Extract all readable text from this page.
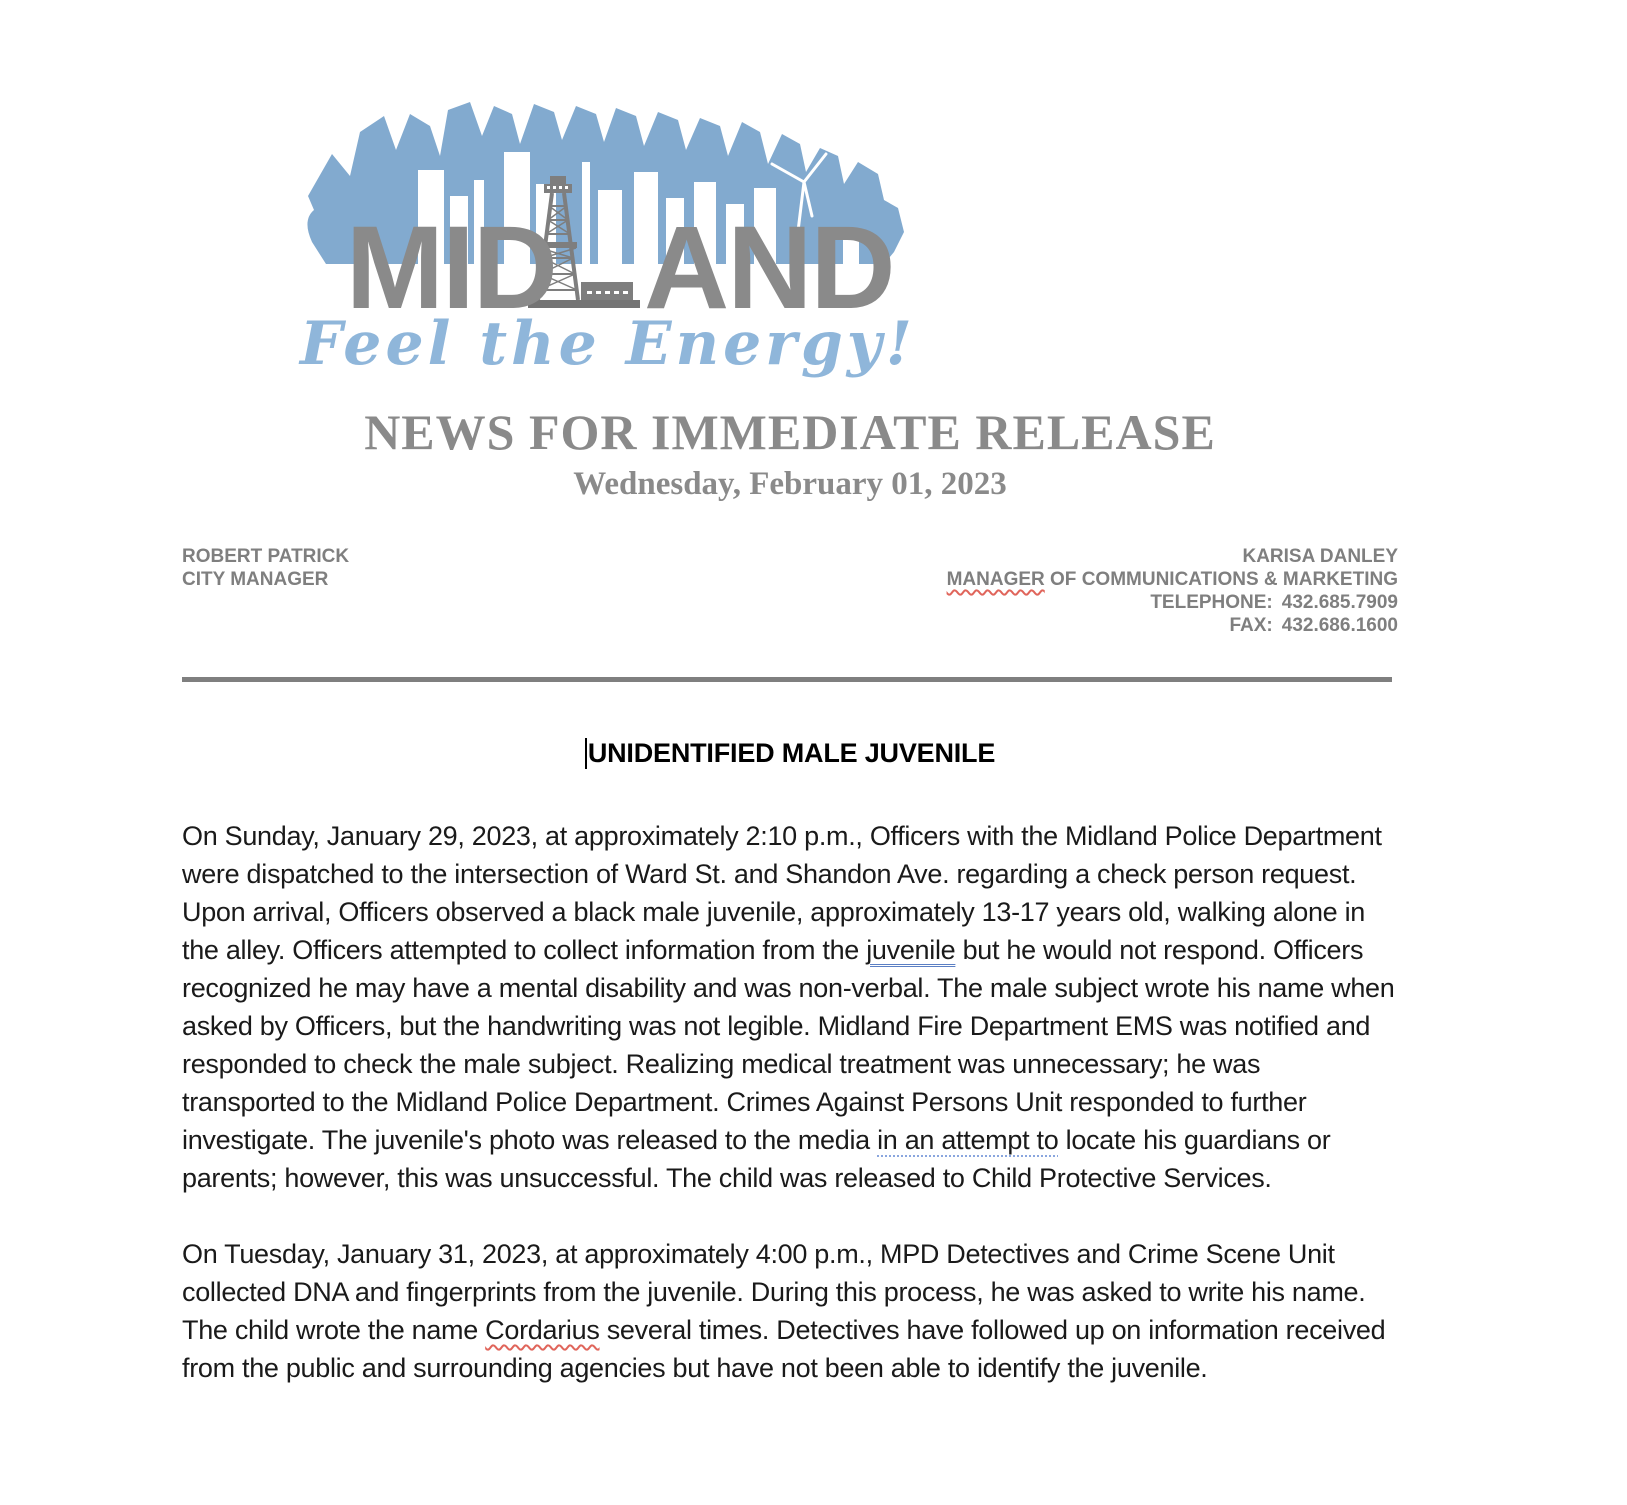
MID AND
Feel the Energy!
NEWS FOR IMMEDIATE RELEASE
Wednesday, February 01, 2023
ROBERT PATRICK
CITY MANAGER
KARISA DANLEY
MANAGER OF COMMUNICATIONS & MARKETING
TELEPHONE: 432.685.7909
FAX: 432.686.1600
UNIDENTIFIED MALE JUVENILE

On Sunday, January 29, 2023, at approximately 2:10 p.m., Officers with the Midland Police Department were dispatched to the intersection of Ward St. and Shandon Ave. regarding a check person request. Upon arrival, Officers observed a black male juvenile, approximately 13-17 years old, walking alone in the alley. Officers attempted to collect information from the juvenile but he would not respond. Officers recognized he may have a mental disability and was non-verbal. The male subject wrote his name when asked by Officers, but the handwriting was not legible. Midland Fire Department EMS was notified and responded to check the male subject. Realizing medical treatment was unnecessary; he was transported to the Midland Police Department. Crimes Against Persons Unit responded to further investigate. The juvenile's photo was released to the media in an attempt to locate his guardians or parents; however, this was unsuccessful. The child was released to Child Protective Services.

On Tuesday, January 31, 2023, at approximately 4:00 p.m., MPD Detectives and Crime Scene Unit collected DNA and fingerprints from the juvenile. During this process, he was asked to write his name. The child wrote the name Cordarius several times. Detectives have followed up on information received from the public and surrounding agencies but have not been able to identify the juvenile.
